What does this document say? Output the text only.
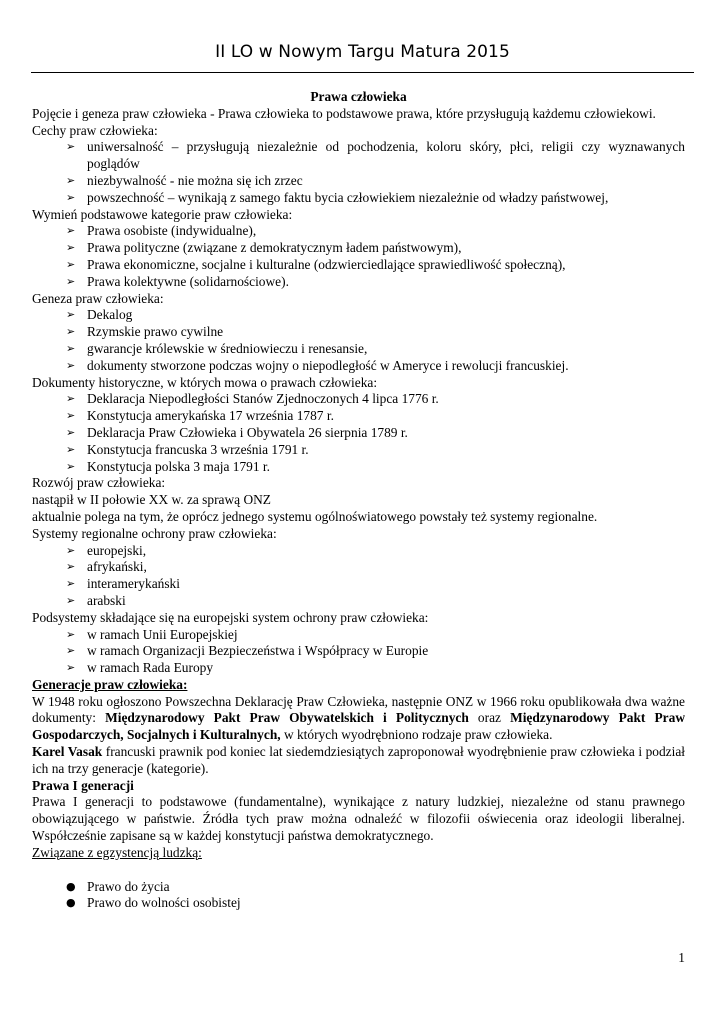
II LO w Nowym Targu Matura 2015
Prawa człowieka

Pojęcie i geneza praw człowieka - Prawa człowieka to podstawowe prawa, które przysługują każdemu człowiekowi.

Cechy praw człowieka:
➢ uniwersalność – przysługują niezależnie od pochodzenia, koloru skóry, płci, religii czy wyznawanych poglądów
➢ niezbywalność - nie można się ich zrzec
➢ powszechność – wynikają z samego faktu bycia człowiekiem niezależnie od władzy państwowej,
Wymień podstawowe kategorie praw człowieka:
➢ Prawa osobiste (indywidualne),
➢ Prawa polityczne (związane z demokratycznym ładem państwowym),
➢ Prawa ekonomiczne, socjalne i kulturalne (odzwierciedlające sprawiedliwość społeczną),
➢ Prawa kolektywne (solidarnościowe).
Geneza praw człowieka:
➢ Dekalog
➢ Rzymskie prawo cywilne
➢ gwarancje królewskie w średniowieczu i renesansie,
➢ dokumenty stworzone podczas wojny o niepodległość w Ameryce i rewolucji francuskiej.
Dokumenty historyczne, w których mowa o prawach człowieka:
➢ Deklaracja Niepodległości Stanów Zjednoczonych 4 lipca 1776 r.
➢ Konstytucja amerykańska 17 września 1787 r.
➢ Deklaracja Praw Człowieka i Obywatela 26 sierpnia 1789 r.
➢ Konstytucja francuska 3 września 1791 r.
➢ Konstytucja polska 3 maja 1791 r.
Rozwój praw człowieka:
nastąpił w II połowie XX w. za sprawą ONZ
aktualnie polega na tym, że oprócz jednego systemu ogólnoświatowego powstały też systemy regionalne.
Systemy regionalne ochrony praw człowieka:
➢ europejski,
➢ afrykański,
➢ interamerykański
➢ arabski
Podsystemy składające się na europejski system ochrony praw człowieka:
➢ w ramach Unii Europejskiej
➢ w ramach Organizacji Bezpieczeństwa i Współpracy w Europie
➢ w ramach Rada Europy
Generacje praw człowieka:

W 1948 roku ogłoszono Powszechna Deklarację Praw Człowieka, następnie ONZ w 1966 roku opublikowała dwa ważne dokumenty: Międzynarodowy Pakt Praw Obywatelskich i Politycznych oraz Międzynarodowy Pakt Praw Gospodarczych, Socjalnych i Kulturalnych, w których wyodrębniono rodzaje praw człowieka.

Karel Vasak francuski prawnik pod koniec lat siedemdziesiątych zaproponował wyodrębnienie praw człowieka i podział ich na trzy generacje (kategorie).

Prawa I generacji

Prawa I generacji to podstawowe (fundamentalne), wynikające z natury ludzkiej, niezależne od stanu prawnego obowiązującego w państwie. Źródła tych praw można odnaleźć w filozofii oświecenia oraz ideologii liberalnej. Współcześnie zapisane są w każdej konstytucji państwa demokratycznego.

Związane z egzystencją ludzką:
● Prawo do życia
● Prawo do wolności osobistej
1
